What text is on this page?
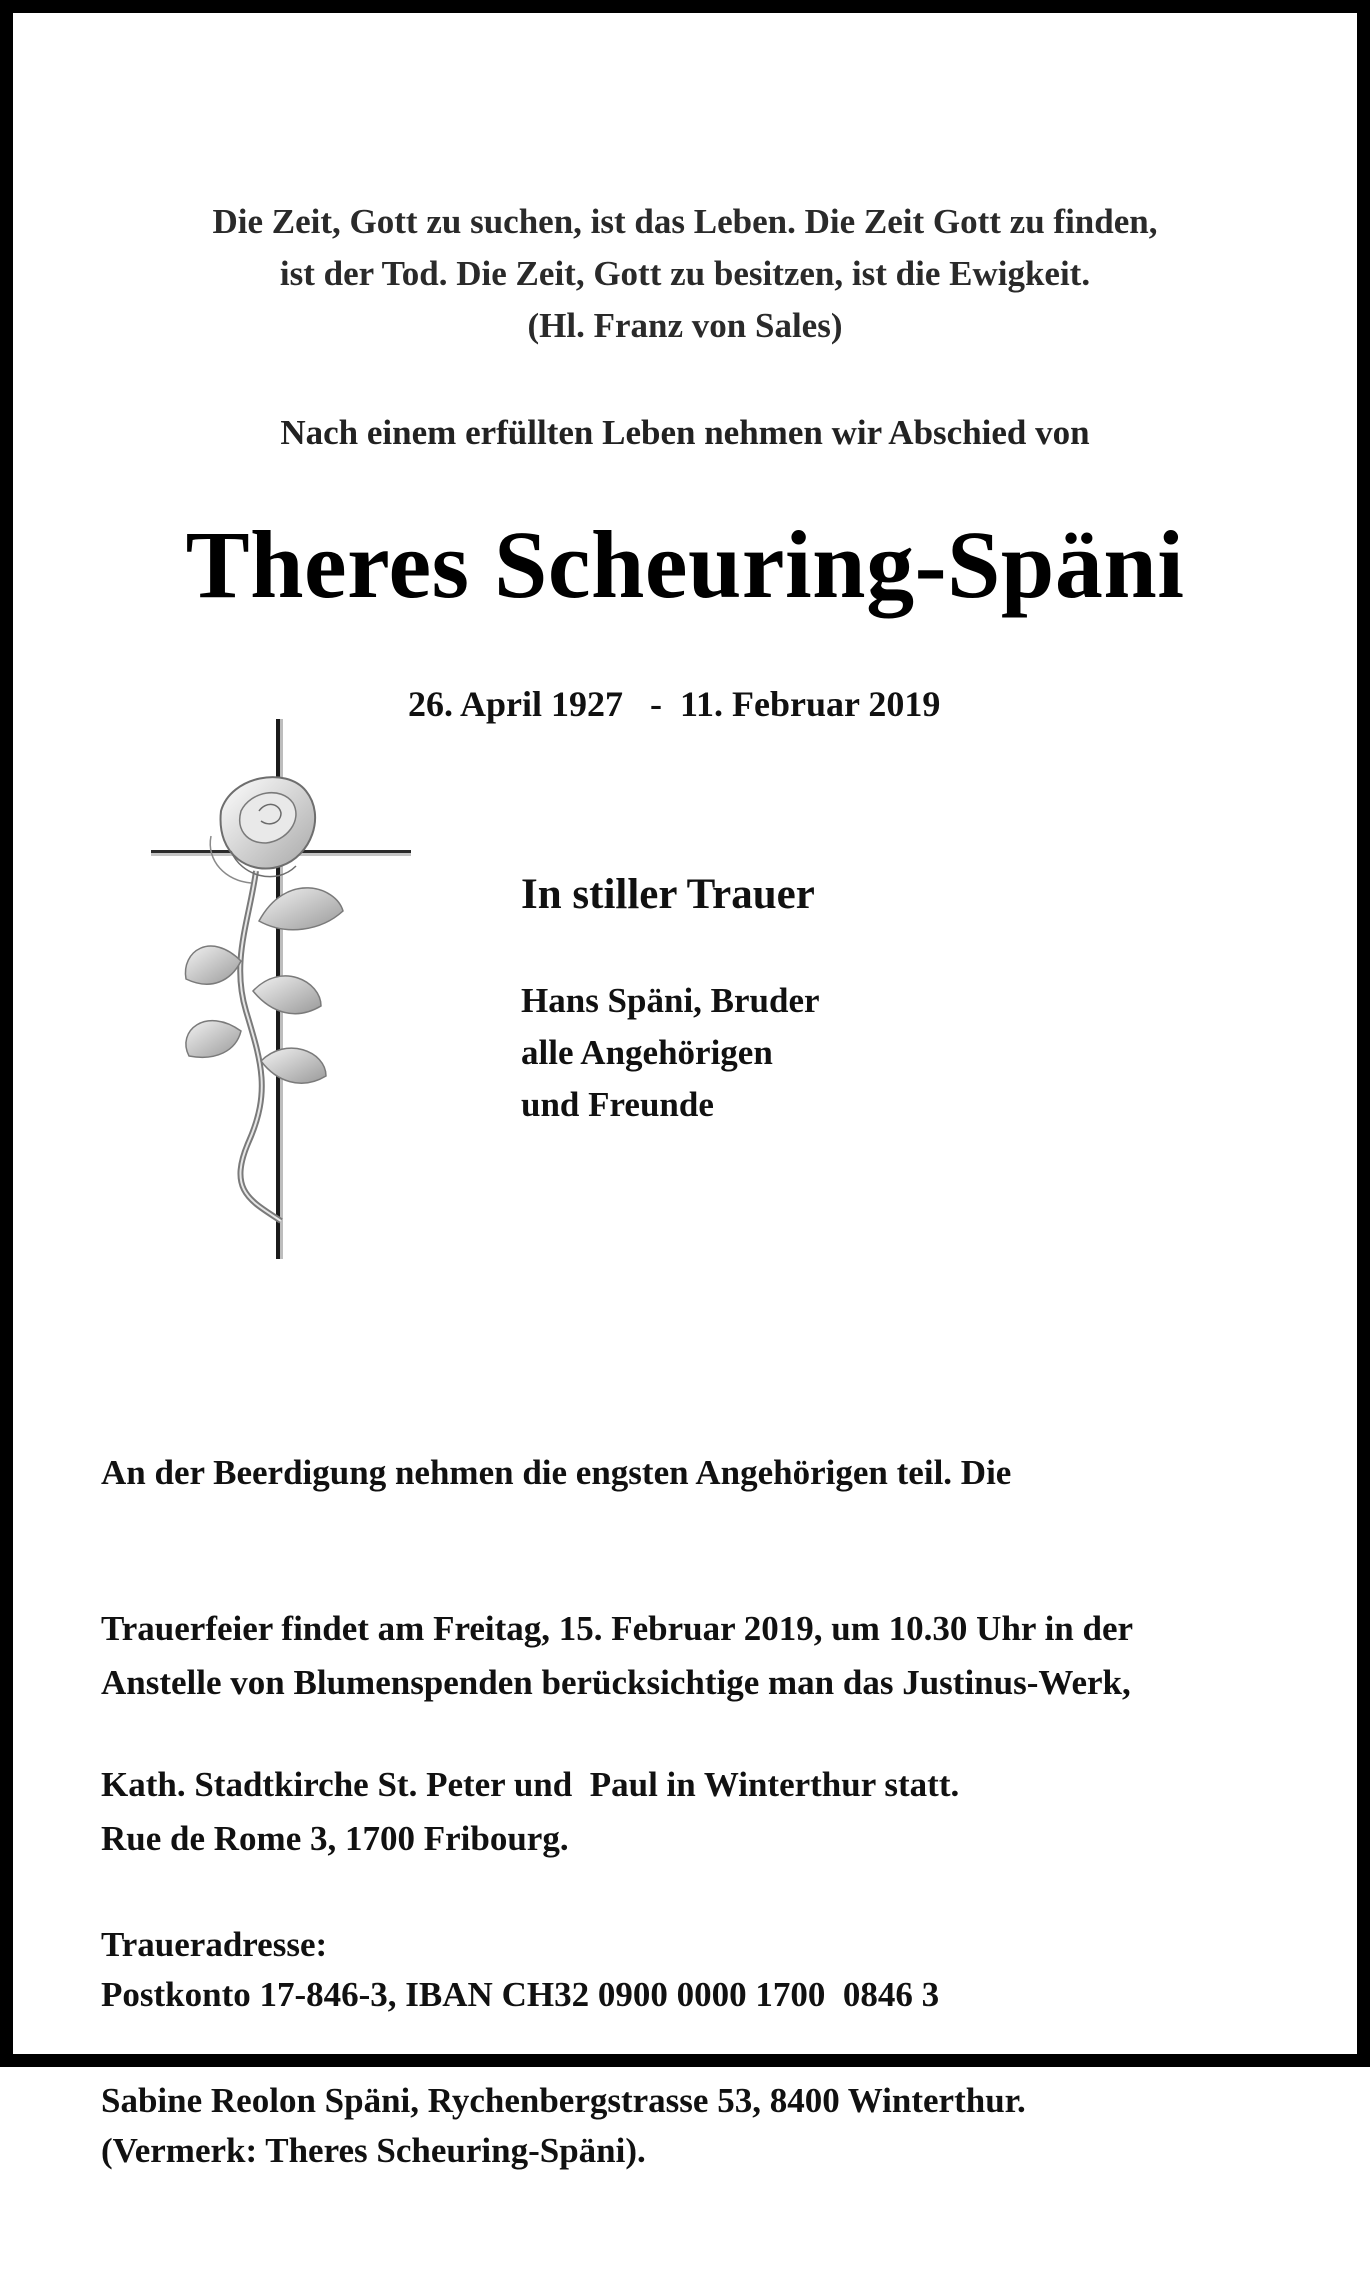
Die Zeit, Gott zu suchen, ist das Leben. Die Zeit Gott zu finden,
ist der Tod. Die Zeit, Gott zu besitzen, ist die Ewigkeit.
(Hl. Franz von Sales)
Nach einem erfüllten Leben nehmen wir Abschied von
Theres Scheuring-Späni
26. April 1927   -  11. Februar 2019
In stiller Trauer
Hans Späni, Bruder
alle Angehörigen
und Freunde

An der Beerdigung nehmen die engsten Angehörigen teil. Die

Trauerfeier findet am Freitag, 15. Februar 2019, um 10.30 Uhr in der

Kath. Stadtkirche St. Peter und  Paul in Winterthur statt.

Anstelle von Blumenspenden berücksichtige man das Justinus-Werk,

Rue de Rome 3, 1700 Fribourg.

Postkonto 17-846-3, IBAN CH32 0900 0000 1700  0846 3

(Vermerk: Theres Scheuring-Späni).

Traueradresse:

Sabine Reolon Späni, Rychenbergstrasse 53, 8400 Winterthur.
